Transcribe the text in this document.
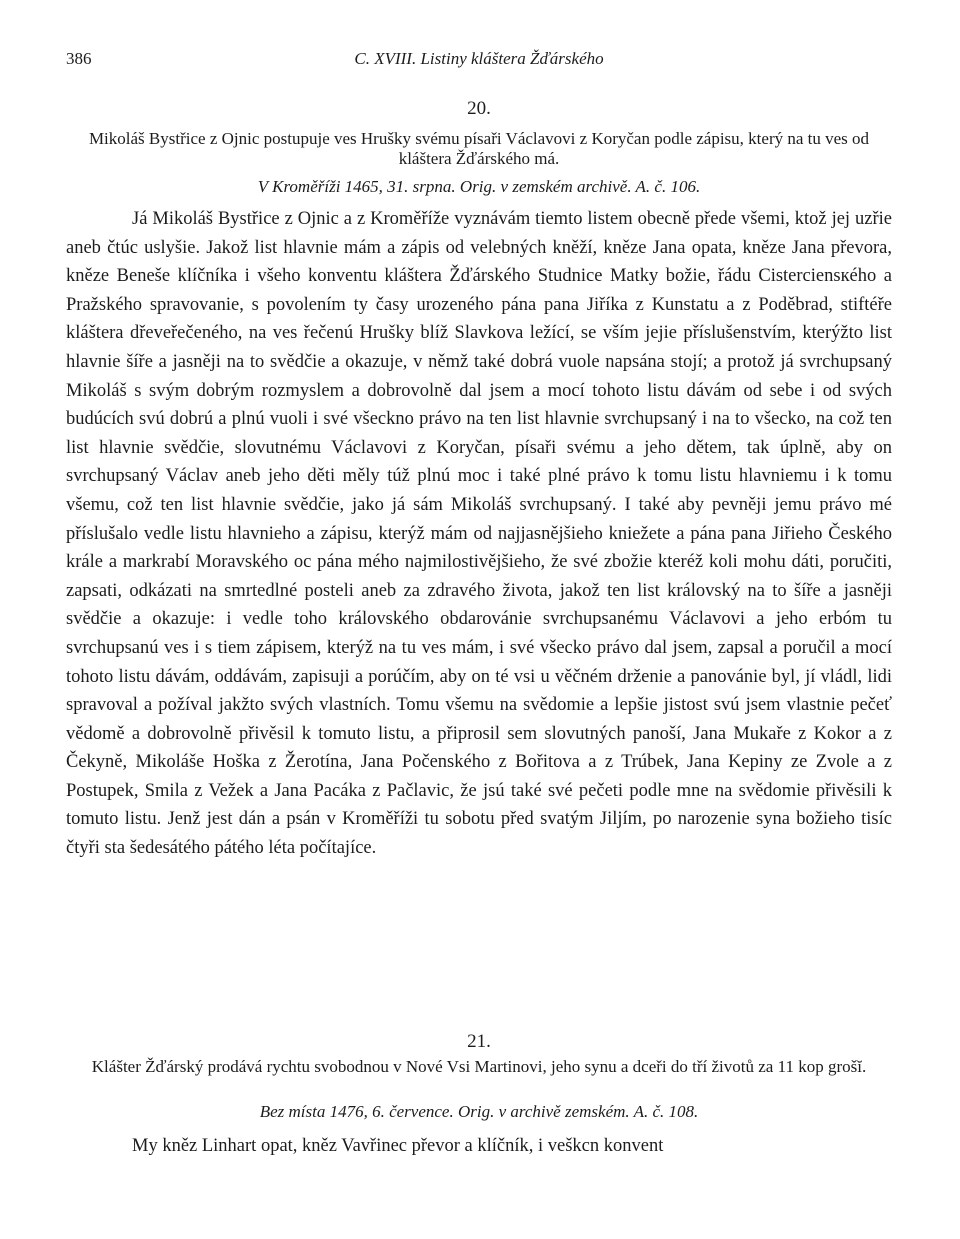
386	C. XVIII. Listiny kláštera Žďárského
20.
Mikoláš Bystřice z Ojnic postupuje ves Hrušky svému písaři Václavovi z Koryčan podle zápisu, který na tu ves od kláštera Žďárského má.
V Kroměříži 1465, 31. srpna. Orig. v zemském archivě. A. č. 106.

Já Mikoláš Bystřice z Ojnic a z Kroměříže vyznávám tiemto listem obecně přede všemi, ktož jej uzřie aneb čtúc uslyšie. Jakož list hlavnie mám a zápis od velebných kněží, kněze Jana opata, kněze Jana převora, kněze Beneše klíčníka i všeho konventu kláštera Žďárského Studnice Matky božie, řádu Cisterciensкého a Pražského spravovanie, s povolením ty časy urozeného pána pana Jiříka z Kunstatu a z Poděbrad, stiftéře kláštera dřeveřečeného, na ves řečenú Hrušky blíž Slavkova ležící, se vším jejie příslušenstvím, kterýžto list hlavnie šíře a jasněji na to svědčie a okazuje, v němž také dobrá vuole napsána stojí; a protož já svrchupsaný Mikoláš s svým dobrým rozmyslem a dobrovolně dal jsem a mocí tohoto listu dávám od sebe i od svých budúcích svú dobrú a plnú vuoli i své všeckno právo na ten list hlavnie svrchupsaný i na to všecko, na což ten list hlavnie svědčie, slovutnému Václavovi z Koryčan, písaři svému a jeho dětem, tak úplně, aby on svrchupsaný Václav aneb jeho děti měly túž plnú moc i také plné právo k tomu listu hlavniemu i k tomu všemu, což ten list hlavnie svědčie, jako já sám Mikoláš svrchupsaný. I také aby pevněji jemu právo mé příslušalo vedle listu hlavnieho a zápisu, kterýž mám od najjasnějšieho kniežete a pána pana Jiřieho Českého krále a markrabí Moravského oc pána mého najmilostivějšieho, že své zbožie kteréž koli mohu dáti, poručiti, zapsati, odkázati na smrtedlné posteli aneb za zdravého života, jakož ten list královský na to šíře a jasněji svědčie a okazuje: i vedle toho královského obdarovánie svrchupsanému Václavovi a jeho erbóm tu svrchupsanú ves i s tiem zápisem, kterýž na tu ves mám, i své všecko právo dal jsem, zapsal a poručil a mocí tohoto listu dávám, oddávám, zapisuji a porúčím, aby on té vsi u věčném drženie a panovánie byl, jí vládl, lidi spravoval a požíval jakžto svých vlastních. Tomu všemu na svědomie a lepšie jistost svú jsem vlastnie pečeť vědomě a dobrovolně přivěsil k tomuto listu, a připrosil sem slovutných panoší, Jana Mukaře z Kokor a z Čekyně, Mikoláše Hoška z Žerotína, Jana Počenského z Bořitova a z Trúbek, Jana Kepiny ze Zvole a z Postupek, Smila z Vežek a Jana Pacáka z Pačlavic, že jsú také své pečeti podle mne na svědomie přivěsili k tomuto listu. Jenž jest dán a psán v Kroměříži tu sobotu před svatým Jiljím, po narozenie syna božieho tisíc čtyři sta šedesátého pátého léta počítajíce.

21.
Klášter Žďárský prodává rychtu svobodnou v Nové Vsi Martinovi, jeho synu a dceři do tří životů za 11 kop grošĭ.
Bez místa 1476, 6. července. Orig. v archivě zemském. A. č. 108.

My kněz Linhart opat, kněz Vavřinec převor a klíčník, i veškcn konvent
